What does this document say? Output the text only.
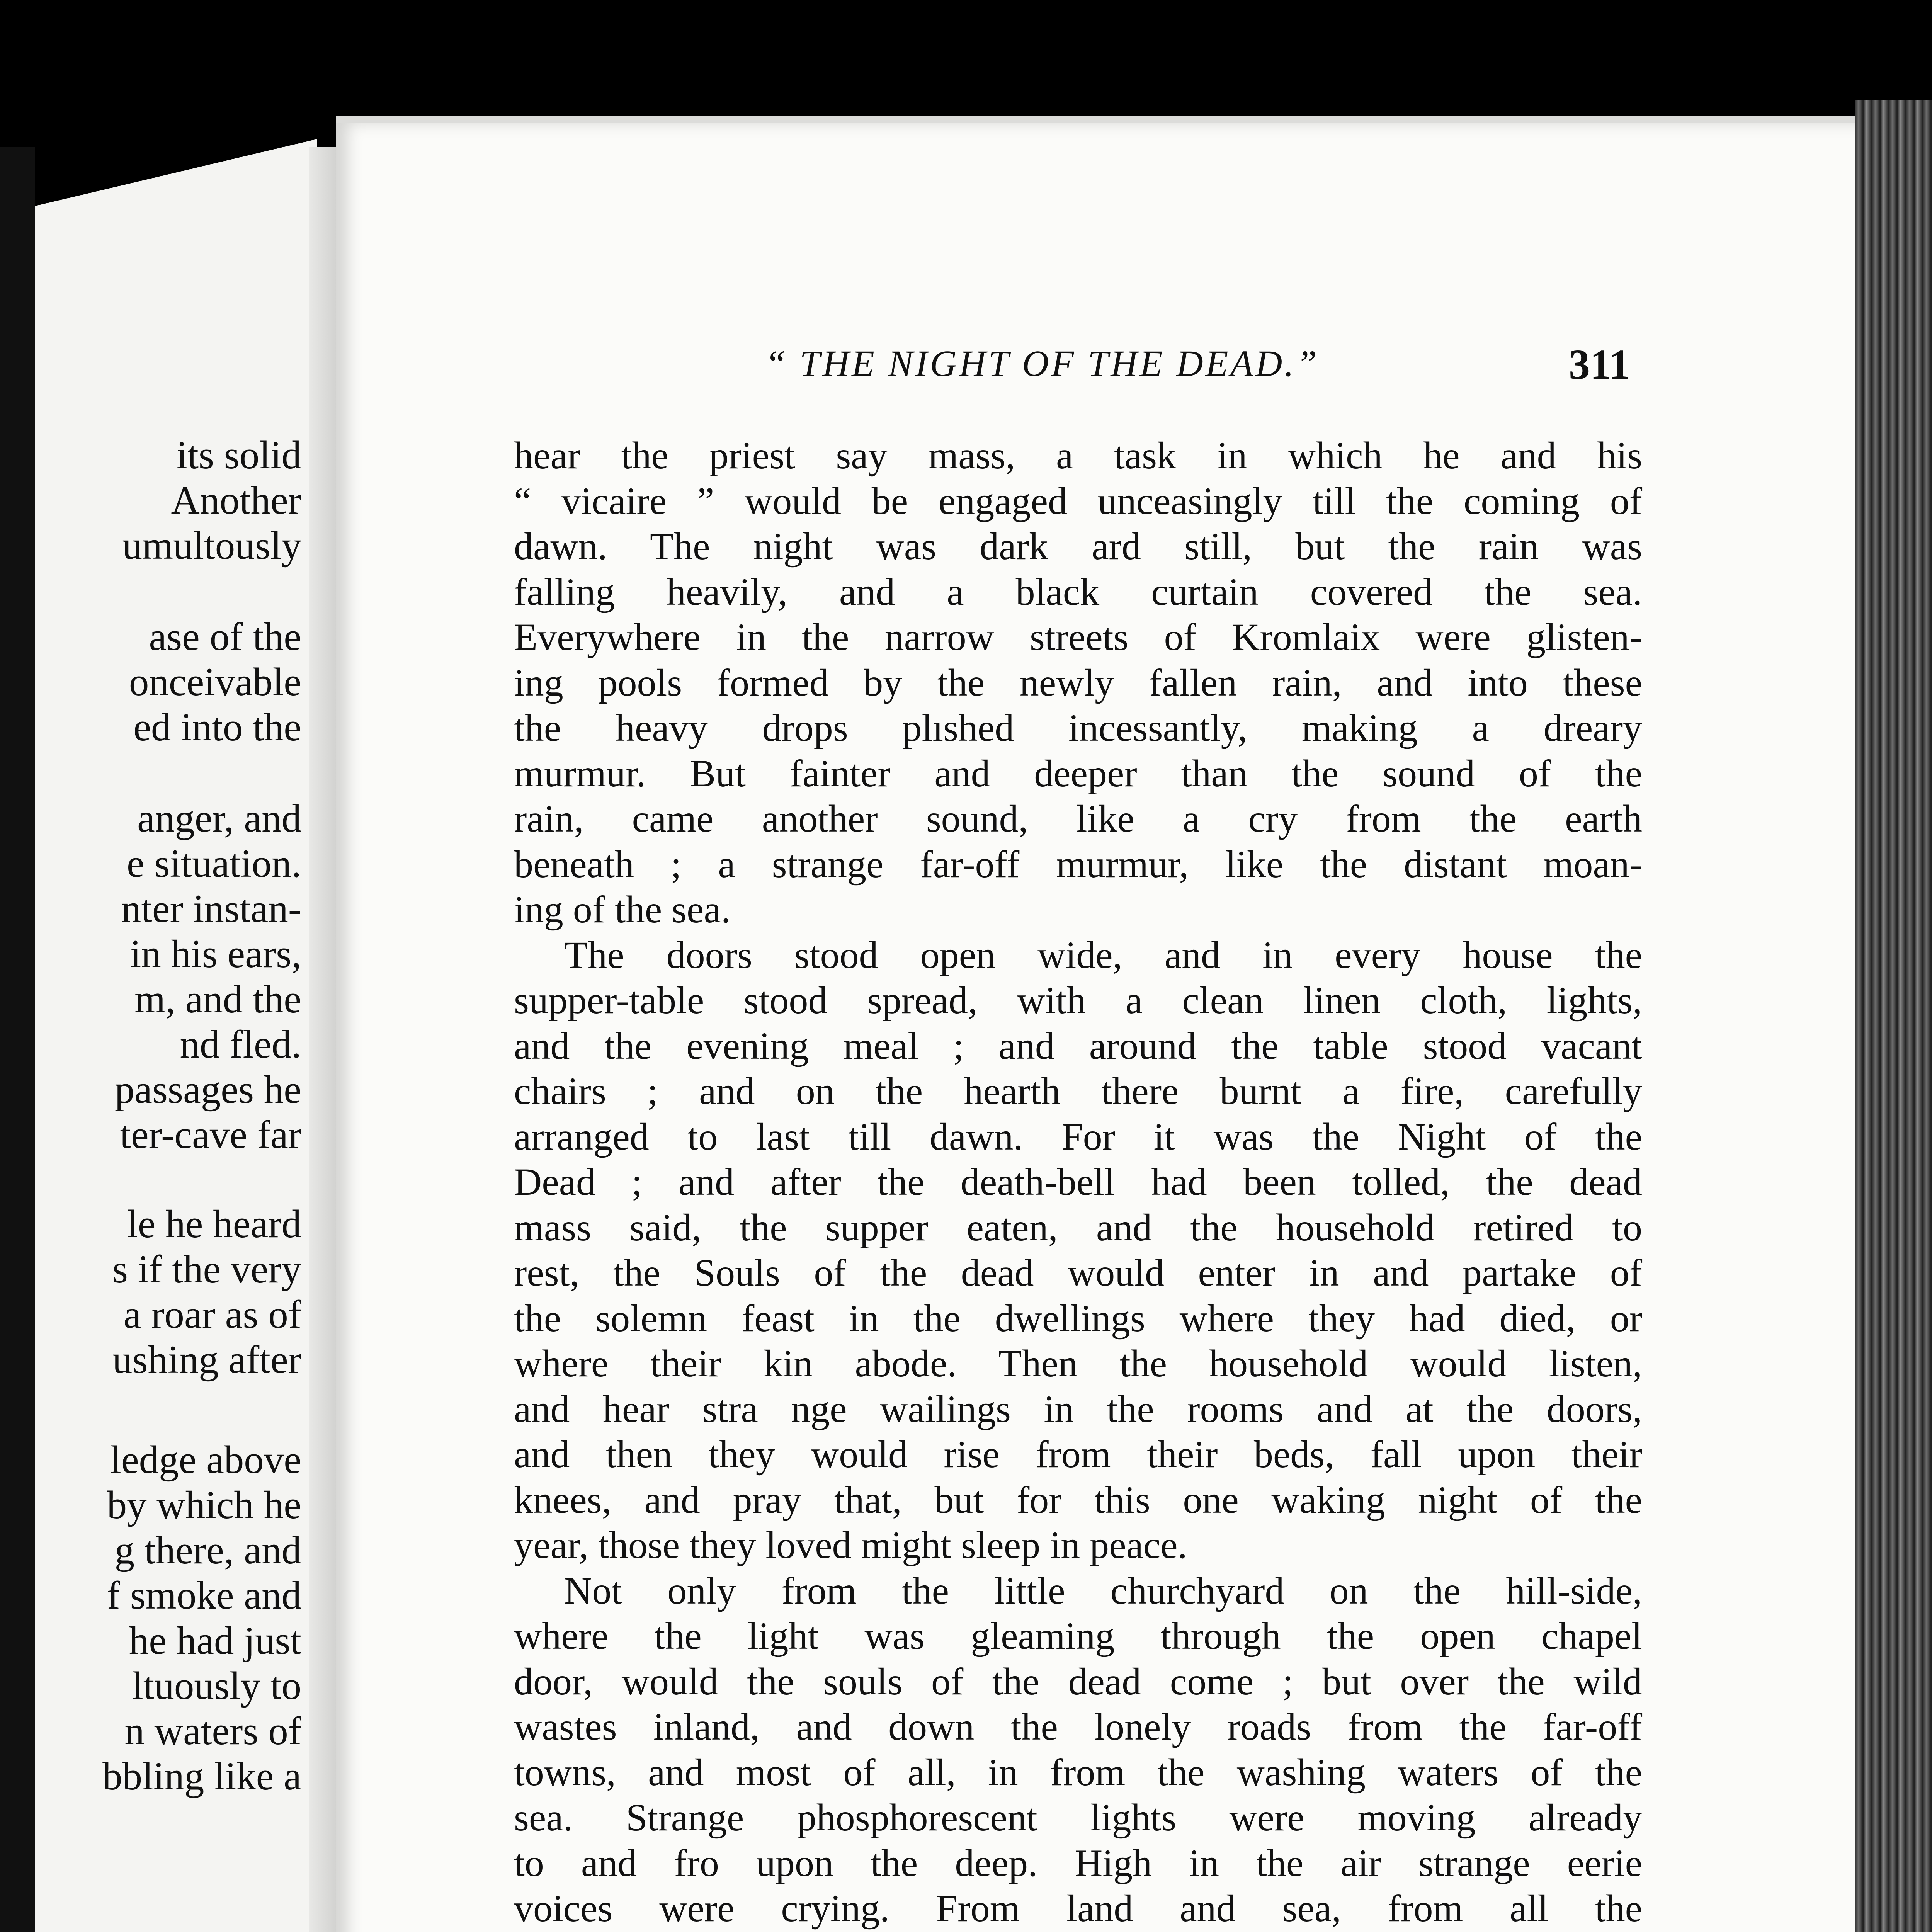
its solid
Another
umultously
ase of the
onceivable
ed into the
anger, and
e situation.
nter instan-
in his ears,
m, and the
nd fled.
passages he
ter-cave far
le he heard
s if the very
a roar as of
ushing after
ledge above
by which he
g there, and
f smoke and
he had just
ltuously to
n waters of
bbling like a
“ THE NIGHT OF THE DEAD.”	311
hear the priest say mass, a task in which he and his
“ vicaire ” would be engaged unceasingly till the coming of
dawn. The night was dark ard still, but the rain was
falling heavily, and a black curtain covered the sea.
Everywhere in the narrow streets of Kromlaix were glisten-
ing pools formed by the newly fallen rain, and into these
the heavy drops plıshed incessantly, making a dreary
murmur. But fainter and deeper than the sound of the
rain, came another sound, like a cry from the earth
beneath ; a strange far-off murmur, like the distant moan-
ing of the sea.
The doors stood open wide, and in every house the
supper-table stood spread, with a clean linen cloth, lights,
and the evening meal ; and around the table stood vacant
chairs ; and on the hearth there burnt a fire, carefully
arranged to last till dawn. For it was the Night of the
Dead ; and after the death-bell had been tolled, the dead
mass said, the supper eaten, and the household retired to
rest, the Souls of the dead would enter in and partake of
the solemn feast in the dwellings where they had died, or
where their kin abode. Then the household would listen,
and hear stra nge wailings in the rooms and at the doors,
and then they would rise from their beds, fall upon their
knees, and pray that, but for this one waking night of the
year, those they loved might sleep in peace.
Not only from the little churchyard on the hill-side,
where the light was gleaming through the open chapel
door, would the souls of the dead come ; but over the wild
wastes inland, and down the lonely roads from the far-off
towns, and most of all, in from the washing waters of the
sea. Strange phosphorescent lights were moving already
to and fro upon the deep. High in the air strange eerie
voices were crying. From land and sea, from all the
